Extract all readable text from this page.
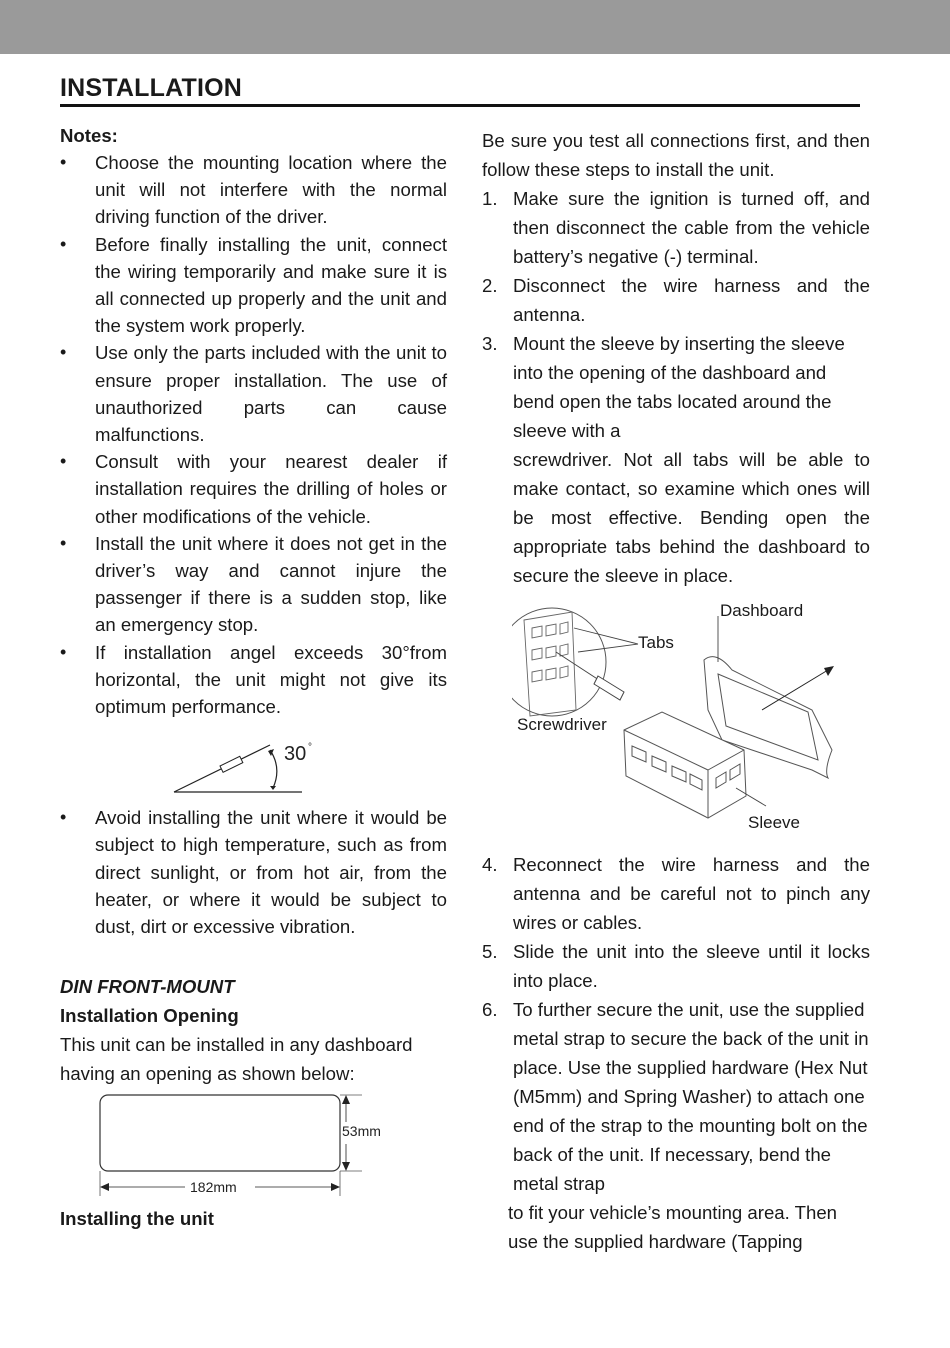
INSTALLATION

Notes:

• Choose the mounting location where the unit will not interfere with the normal driving function of the driver.
• Before finally installing the unit, connect the wiring temporarily and make sure it is all connected up properly and the unit and the system work properly.
• Use only the parts included with the unit to ensure proper installation. The use of unauthorized parts can cause malfunctions.
• Consult with your nearest dealer if installation requires the drilling of holes or other modifications of the vehicle.
• Install the unit where it does not get in the driver’s way and cannot injure the passenger if there is a sudden stop, like an emergency stop.
• If installation angel exceeds 30°from horizontal, the unit might not give its optimum performance.
30 °
• Avoid installing the unit where it would be subject to high temperature, such as from direct sunlight, or from hot air, from the heater, or where it would be subject to dust, dirt or excessive vibration.
DIN FRONT-MOUNT
Installation Opening
This unit can be installed in any dashboard having an opening as shown below:
53mm
182mm
Installing the unit

Be sure you test all connections first, and then follow these steps to install the unit.

1. Make sure the ignition is turned off, and then disconnect the cable from the vehicle battery’s negative (-) terminal.
2. Disconnect the wire harness and the antenna.
3. Mount the sleeve by inserting the sleeve into the opening of the dashboard and bend open the tabs located around the sleeve with a
screwdriver. Not all tabs will be able to make contact, so examine which ones will be most effective. Bending open the appropriate tabs behind the dashboard to secure the sleeve in place.
Dashboard
Tabs
Screwdriver
Sleeve
4. Reconnect the wire harness and the antenna and be careful not to pinch any wires or cables.
5. Slide the unit into the sleeve until it locks into place.
6. To further secure the unit, use the supplied metal strap to secure the back of the unit in place. Use the supplied hardware (Hex Nut (M5mm) and Spring Washer) to attach one end of the strap to the mounting bolt on the back of the unit. If necessary, bend the metal strap
to fit your vehicle’s mounting area. Then use the supplied hardware (Tapping
